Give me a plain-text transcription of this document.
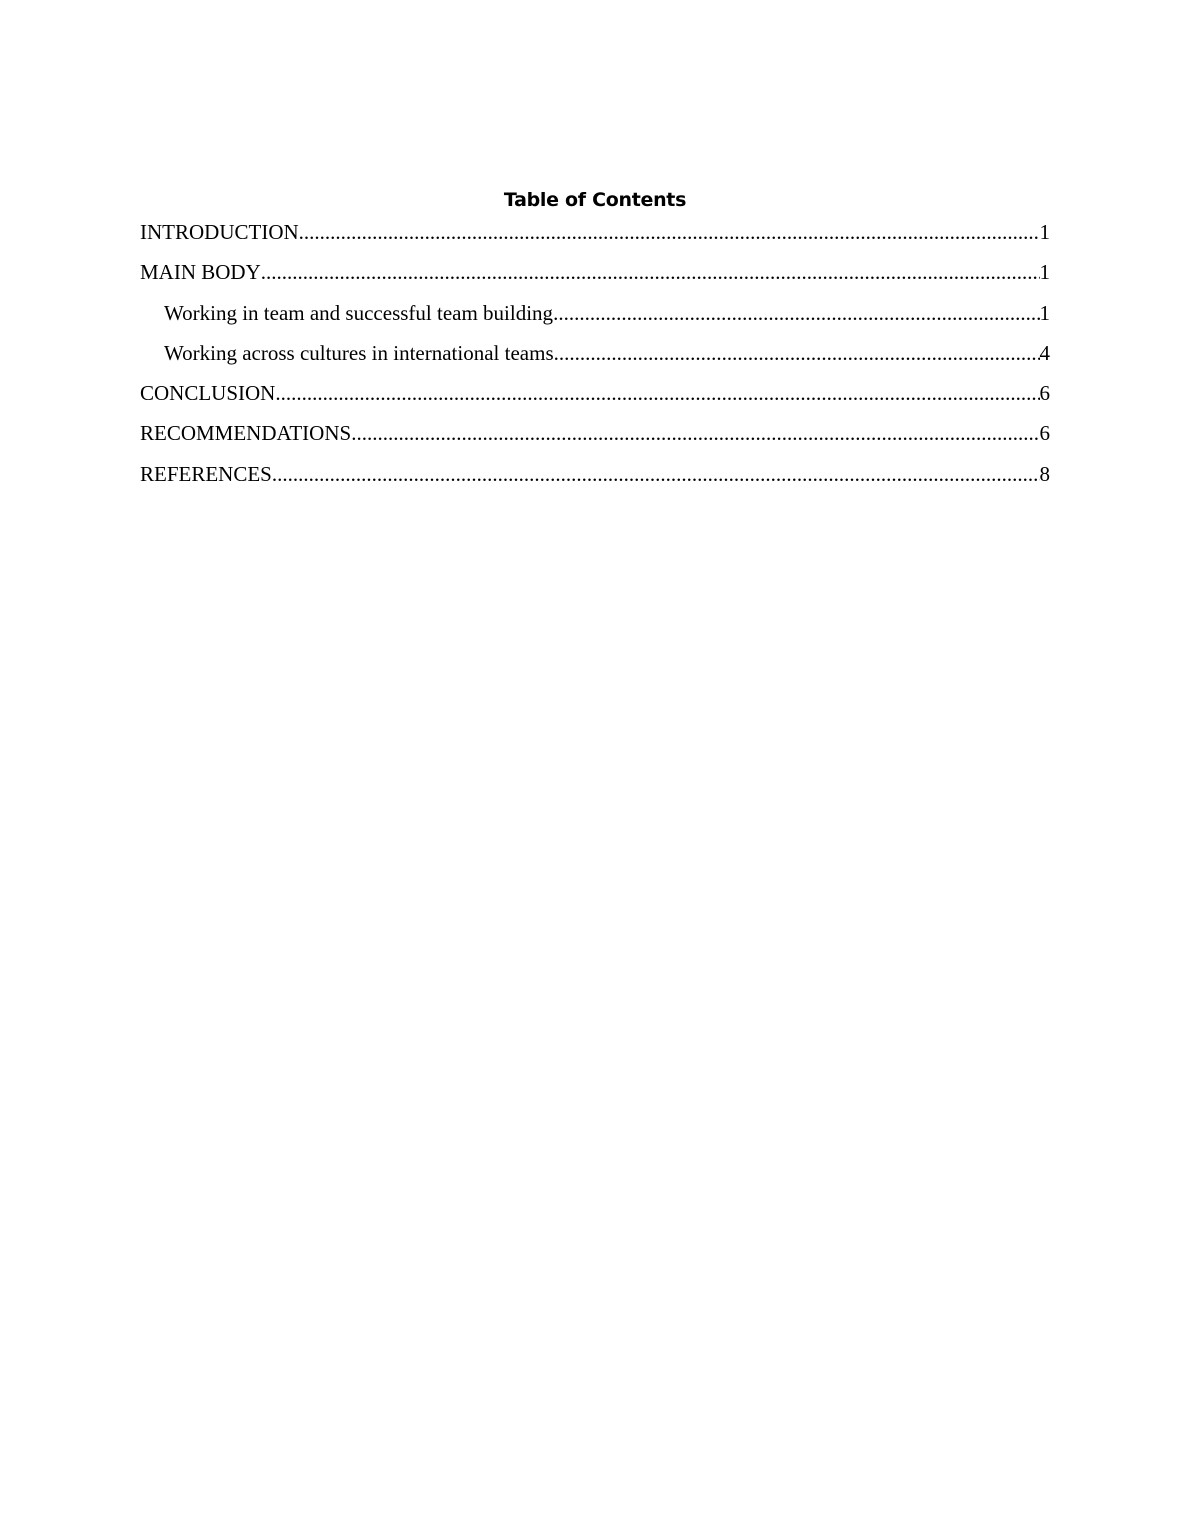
Table of Contents
INTRODUCTION .....	1
MAIN BODY .....	1
Working in team and successful team building .....	1
Working across cultures in international teams .....	4
CONCLUSION .....	6
RECOMMENDATIONS .....	6
REFERENCES .....	8
